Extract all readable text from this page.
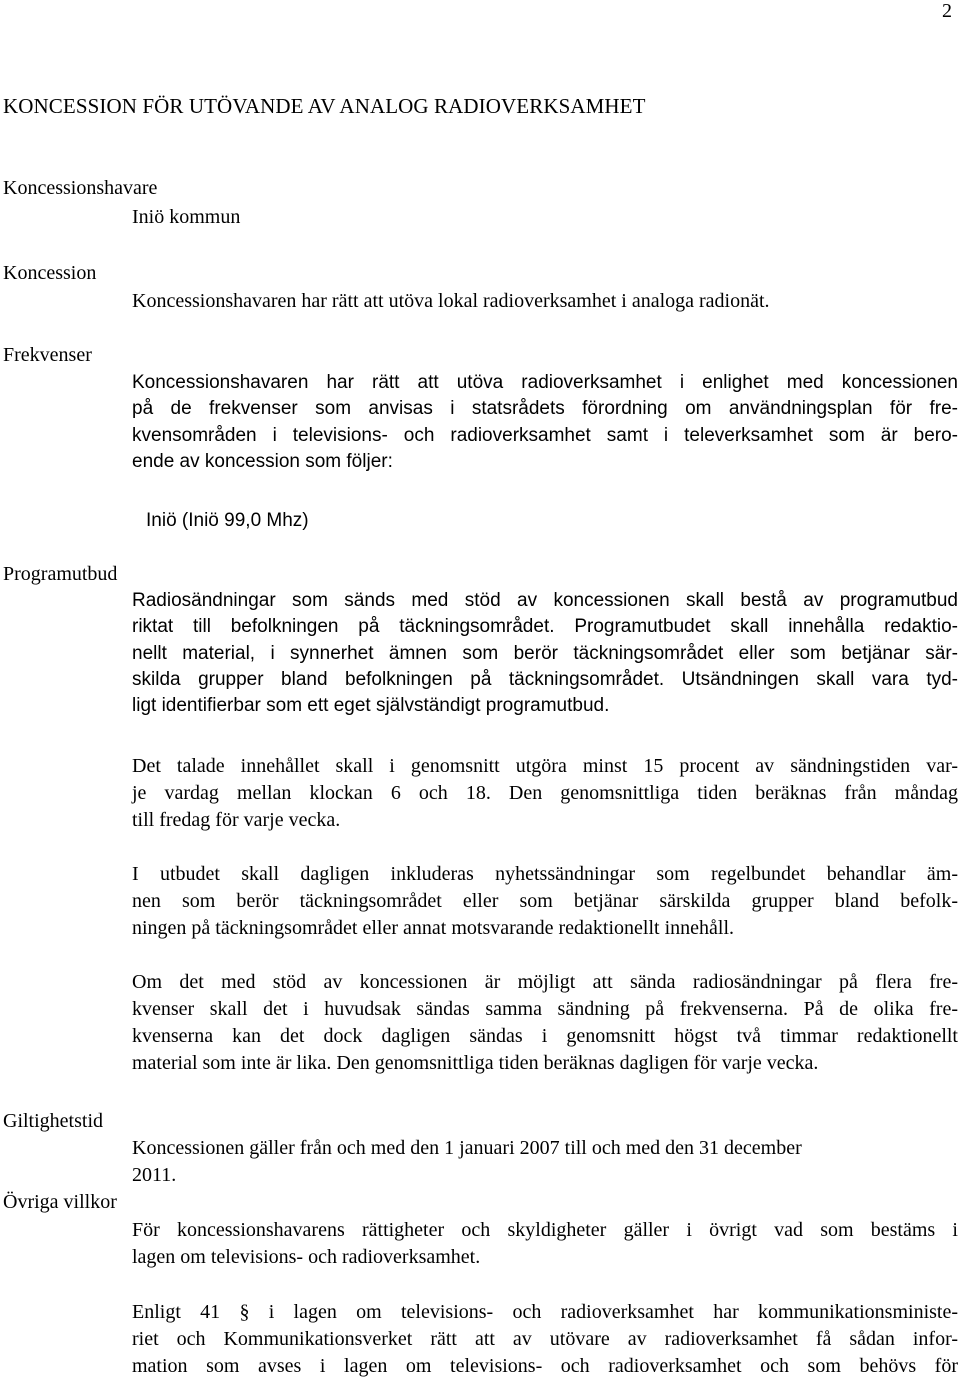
2
KONCESSION FÖR UTÖVANDE AV ANALOG RADIOVERKSAMHET
Koncessionshavare
Iniö kommun
Koncession
Koncessionshavaren har rätt att utöva lokal radioverksamhet i analoga radionät.
Frekvenser
Koncessionshavaren har rätt att utöva radioverksamhet i enlighet med koncessionen
på de frekvenser som anvisas i statsrådets förordning om användningsplan för fre-
kvensområden i televisions- och radioverksamhet samt i televerksamhet som är bero-
ende av koncession som följer:
Iniö (Iniö 99,0 Mhz)
Programutbud
Radiosändningar som sänds med stöd av koncessionen skall bestå av programutbud
riktat till befolkningen på täckningsområdet. Programutbudet skall innehålla redaktio-
nellt material, i synnerhet ämnen som berör täckningsområdet eller som betjänar sär-
skilda grupper bland befolkningen på täckningsområdet. Utsändningen skall vara tyd-
ligt identifierbar som ett eget självständigt programutbud.
Det talade innehållet skall i genomsnitt utgöra minst 15 procent av sändningstiden var-
je vardag mellan klockan 6 och 18. Den genomsnittliga tiden beräknas från måndag
till fredag för varje vecka.
I utbudet skall dagligen inkluderas nyhetssändningar som regelbundet behandlar äm-
nen som berör täckningsområdet eller som betjänar särskilda grupper bland befolk-
ningen på täckningsområdet eller annat motsvarande redaktionellt innehåll.
Om det med stöd av koncessionen är möjligt att sända radiosändningar på flera fre-
kvenser skall det i huvudsak sändas samma sändning på frekvenserna. På de olika fre-
kvenserna kan det dock dagligen sändas i genomsnitt högst två timmar redaktionellt
material som inte är lika. Den genomsnittliga tiden beräknas dagligen för varje vecka.
Giltighetstid
Koncessionen gäller från och med den 1 januari 2007 till och med den 31 december
2011.
Övriga villkor
För koncessionshavarens rättigheter och skyldigheter gäller i övrigt vad som bestäms i
lagen om televisions- och radioverksamhet.
Enligt 41 § i lagen om televisions- och radioverksamhet har kommunikationsministe-
riet och Kommunikationsverket rätt att av utövare av radioverksamhet få sådan infor-
mation som avses i lagen om televisions- och radioverksamhet och som behövs för
